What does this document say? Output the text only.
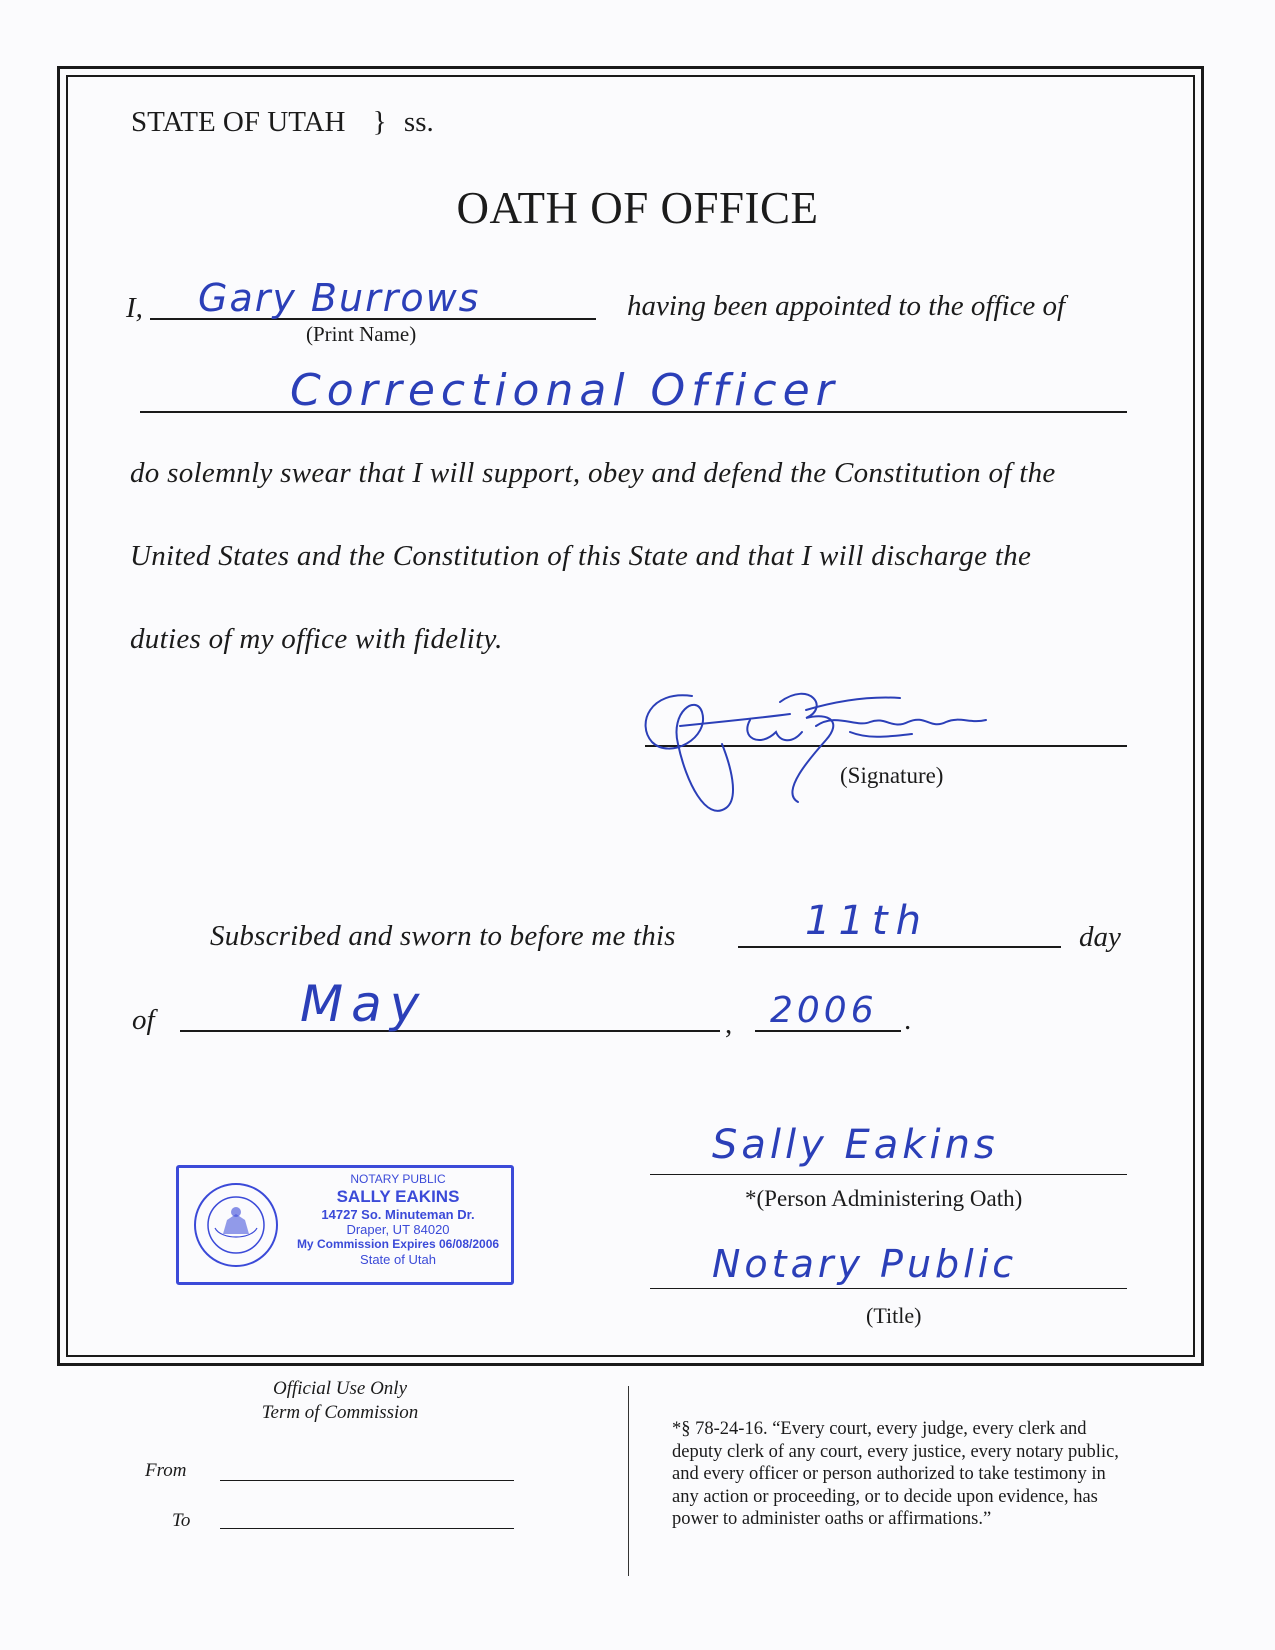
STATE OF UTAH } ss.
OATH OF OFFICE
I, Gary Burrows
(Print Name)
having been appointed to the office of
Correctional Officer
do solemnly swear that I will support, obey and defend the Constitution of the
United States and the Constitution of this State and that I will discharge the
duties of my office with fidelity.
(Signature)
Subscribed and sworn to before me this	11th	day
of	May	, 2006 .
NOTARY PUBLIC
SALLY EAKINS
14727 So. Minuteman Dr.
Draper, UT 84020
My Commission Expires 06/08/2006
State of Utah
Sally Eakins
*(Person Administering Oath)
Notary Public
(Title)
Official Use Only
Term of Commission
From
To
*§ 78-24-16. “Every court, every judge, every clerk and
deputy clerk of any court, every justice, every notary public,
and every officer or person authorized to take testimony in
any action or proceeding, or to decide upon evidence, has
power to administer oaths or affirmations.”
